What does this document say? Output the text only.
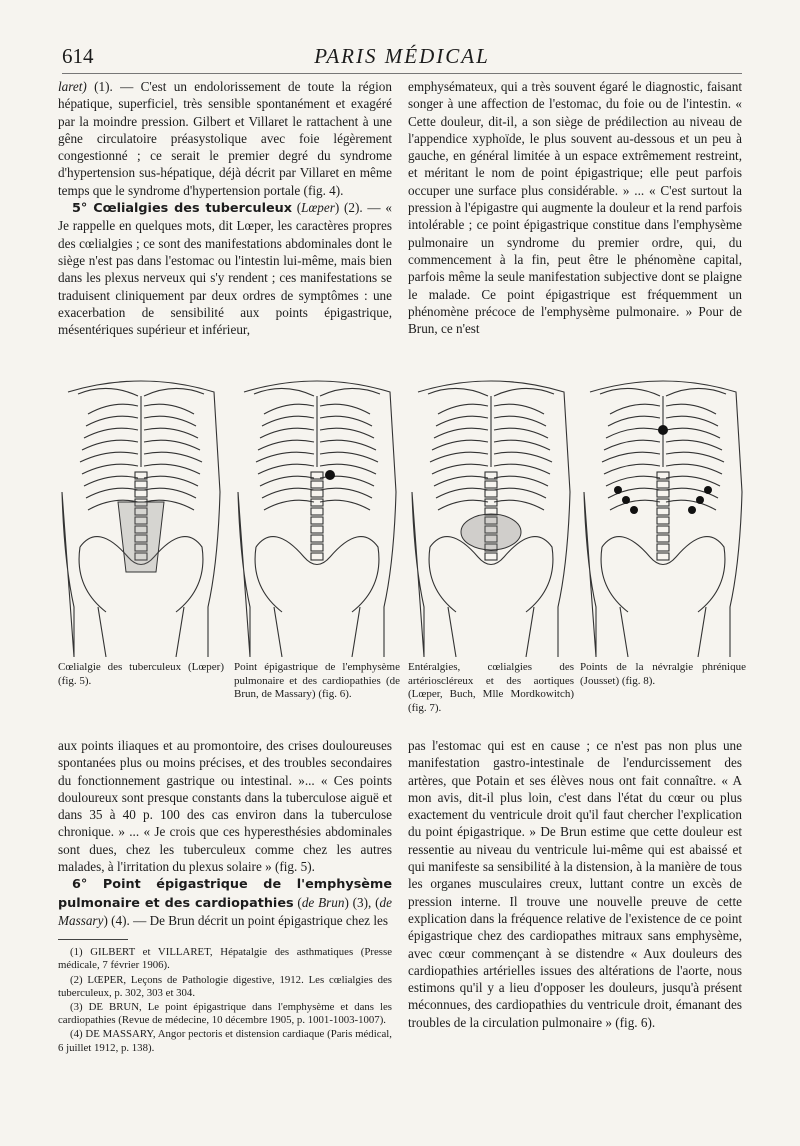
614	PARIS MÉDICAL

laret) (1). — C'est un endolorissement de toute la région hépatique, superficiel, très sensible spontanément et exagéré par la moindre pression. Gilbert et Villaret le rattachent à une gêne circulatoire préasystolique avec foie légèrement congestionné ; ce serait le premier degré du syndrome d'hypertension sus-hépatique, déjà décrit par Villaret en même temps que le syndrome d'hypertension portale (fig. 4).

5° Cœlialgies des tuberculeux (Lœper) (2). — « Je rappelle en quelques mots, dit Lœper, les caractères propres des cœlialgies ; ce sont des manifestations abdominales dont le siège n'est pas dans l'estomac ou l'intestin lui-même, mais bien dans les plexus nerveux qui s'y rendent ; ces manifestations se traduisent cliniquement par deux ordres de symptômes : une exacerbation de sensibilité aux points épigastrique, mésentériques supérieur et inférieur,

emphysémateux, qui a très souvent égaré le diagnostic, faisant songer à une affection de l'estomac, du foie ou de l'intestin. « Cette douleur, dit-il, a son siège de prédilection au niveau de l'appendice xyphoïde, le plus souvent au-dessous et un peu à gauche, en général limitée à un espace extrêmement restreint, et méritant le nom de point épigastrique; elle peut parfois occuper une surface plus considérable. » ... « C'est surtout la pression à l'épigastre qui augmente la douleur et la rend parfois intolérable ; ce point épigastrique constitue dans l'emphysème pulmonaire un syndrome du premier ordre, qui, du commencement à la fin, peut être le phénomène capital, parfois même la seule manifestation subjective dont se plaigne le malade. Ce point épigastrique est fréquemment un phénomène précoce de l'emphysème pulmonaire. » Pour de Brun, ce n'est

Cœlialgie des tuberculeux (Lœper) (fig. 5).
Point épigastrique de l'emphysème pulmonaire et des cardiopathies (de Brun, de Massary) (fig. 6).
Entéralgies, cœlialgies des artérioscléreux et des aortiques (Lœper, Buch, Mlle Mordkowitch) (fig. 7).
Points de la névralgie phrénique (Jousset) (fig. 8).

aux points iliaques et au promontoire, des crises douloureuses spontanées plus ou moins précises, et des troubles secondaires du fonctionnement gastrique ou intestinal. »... « Ces points douloureux sont presque constants dans la tuberculose aiguë et dans 35 à 40 p. 100 des cas environ dans la tuberculose chronique. » ... « Je crois que ces hyperesthésies abdominales sont dues, chez les tuberculeux comme chez les autres malades, à l'irritation du plexus solaire » (fig. 5).

6° Point épigastrique de l'emphysème pulmonaire et des cardiopathies (de Brun) (3), (de Massary) (4). — De Brun décrit un point épigastrique chez les

(1) GILBERT et VILLARET, Hépatalgie des asthmatiques (Presse médicale, 7 février 1906).

(2) LŒPER, Leçons de Pathologie digestive, 1912. Les cœlialgies des tuberculeux, p. 302, 303 et 304.

(3) DE BRUN, Le point épigastrique dans l'emphysème et dans les cardiopathies (Revue de médecine, 10 décembre 1905, p. 1001-1003-1007).

(4) DE MASSARY, Angor pectoris et distension cardiaque (Paris médical, 6 juillet 1912, p. 138).

pas l'estomac qui est en cause ; ce n'est pas non plus une manifestation gastro-intestinale de l'endurcissement des artères, que Potain et ses élèves nous ont fait connaître. « A mon avis, dit-il plus loin, c'est dans l'état du cœur ou plus exactement du ventricule droit qu'il faut chercher l'explication du point épigastrique. » De Brun estime que cette douleur est ressentie au niveau du ventricule lui-même qui est abaissé et qui manifeste sa sensibilité à la distension, à la manière de tous les organes musculaires creux, luttant contre un excès de pression interne. Il trouve une nouvelle preuve de cette explication dans la fréquence relative de l'existence de ce point épigastrique chez des cardiopathes mitraux sans emphysème, avec cœur commençant à se distendre « Aux douleurs des cardiopathies artérielles issues des altérations de l'aorte, nous estimons qu'il y a lieu d'opposer les douleurs, jusqu'à présent méconnues, des cardiopathies du ventricule droit, émanant des troubles de la circulation pulmonaire » (fig. 6).
